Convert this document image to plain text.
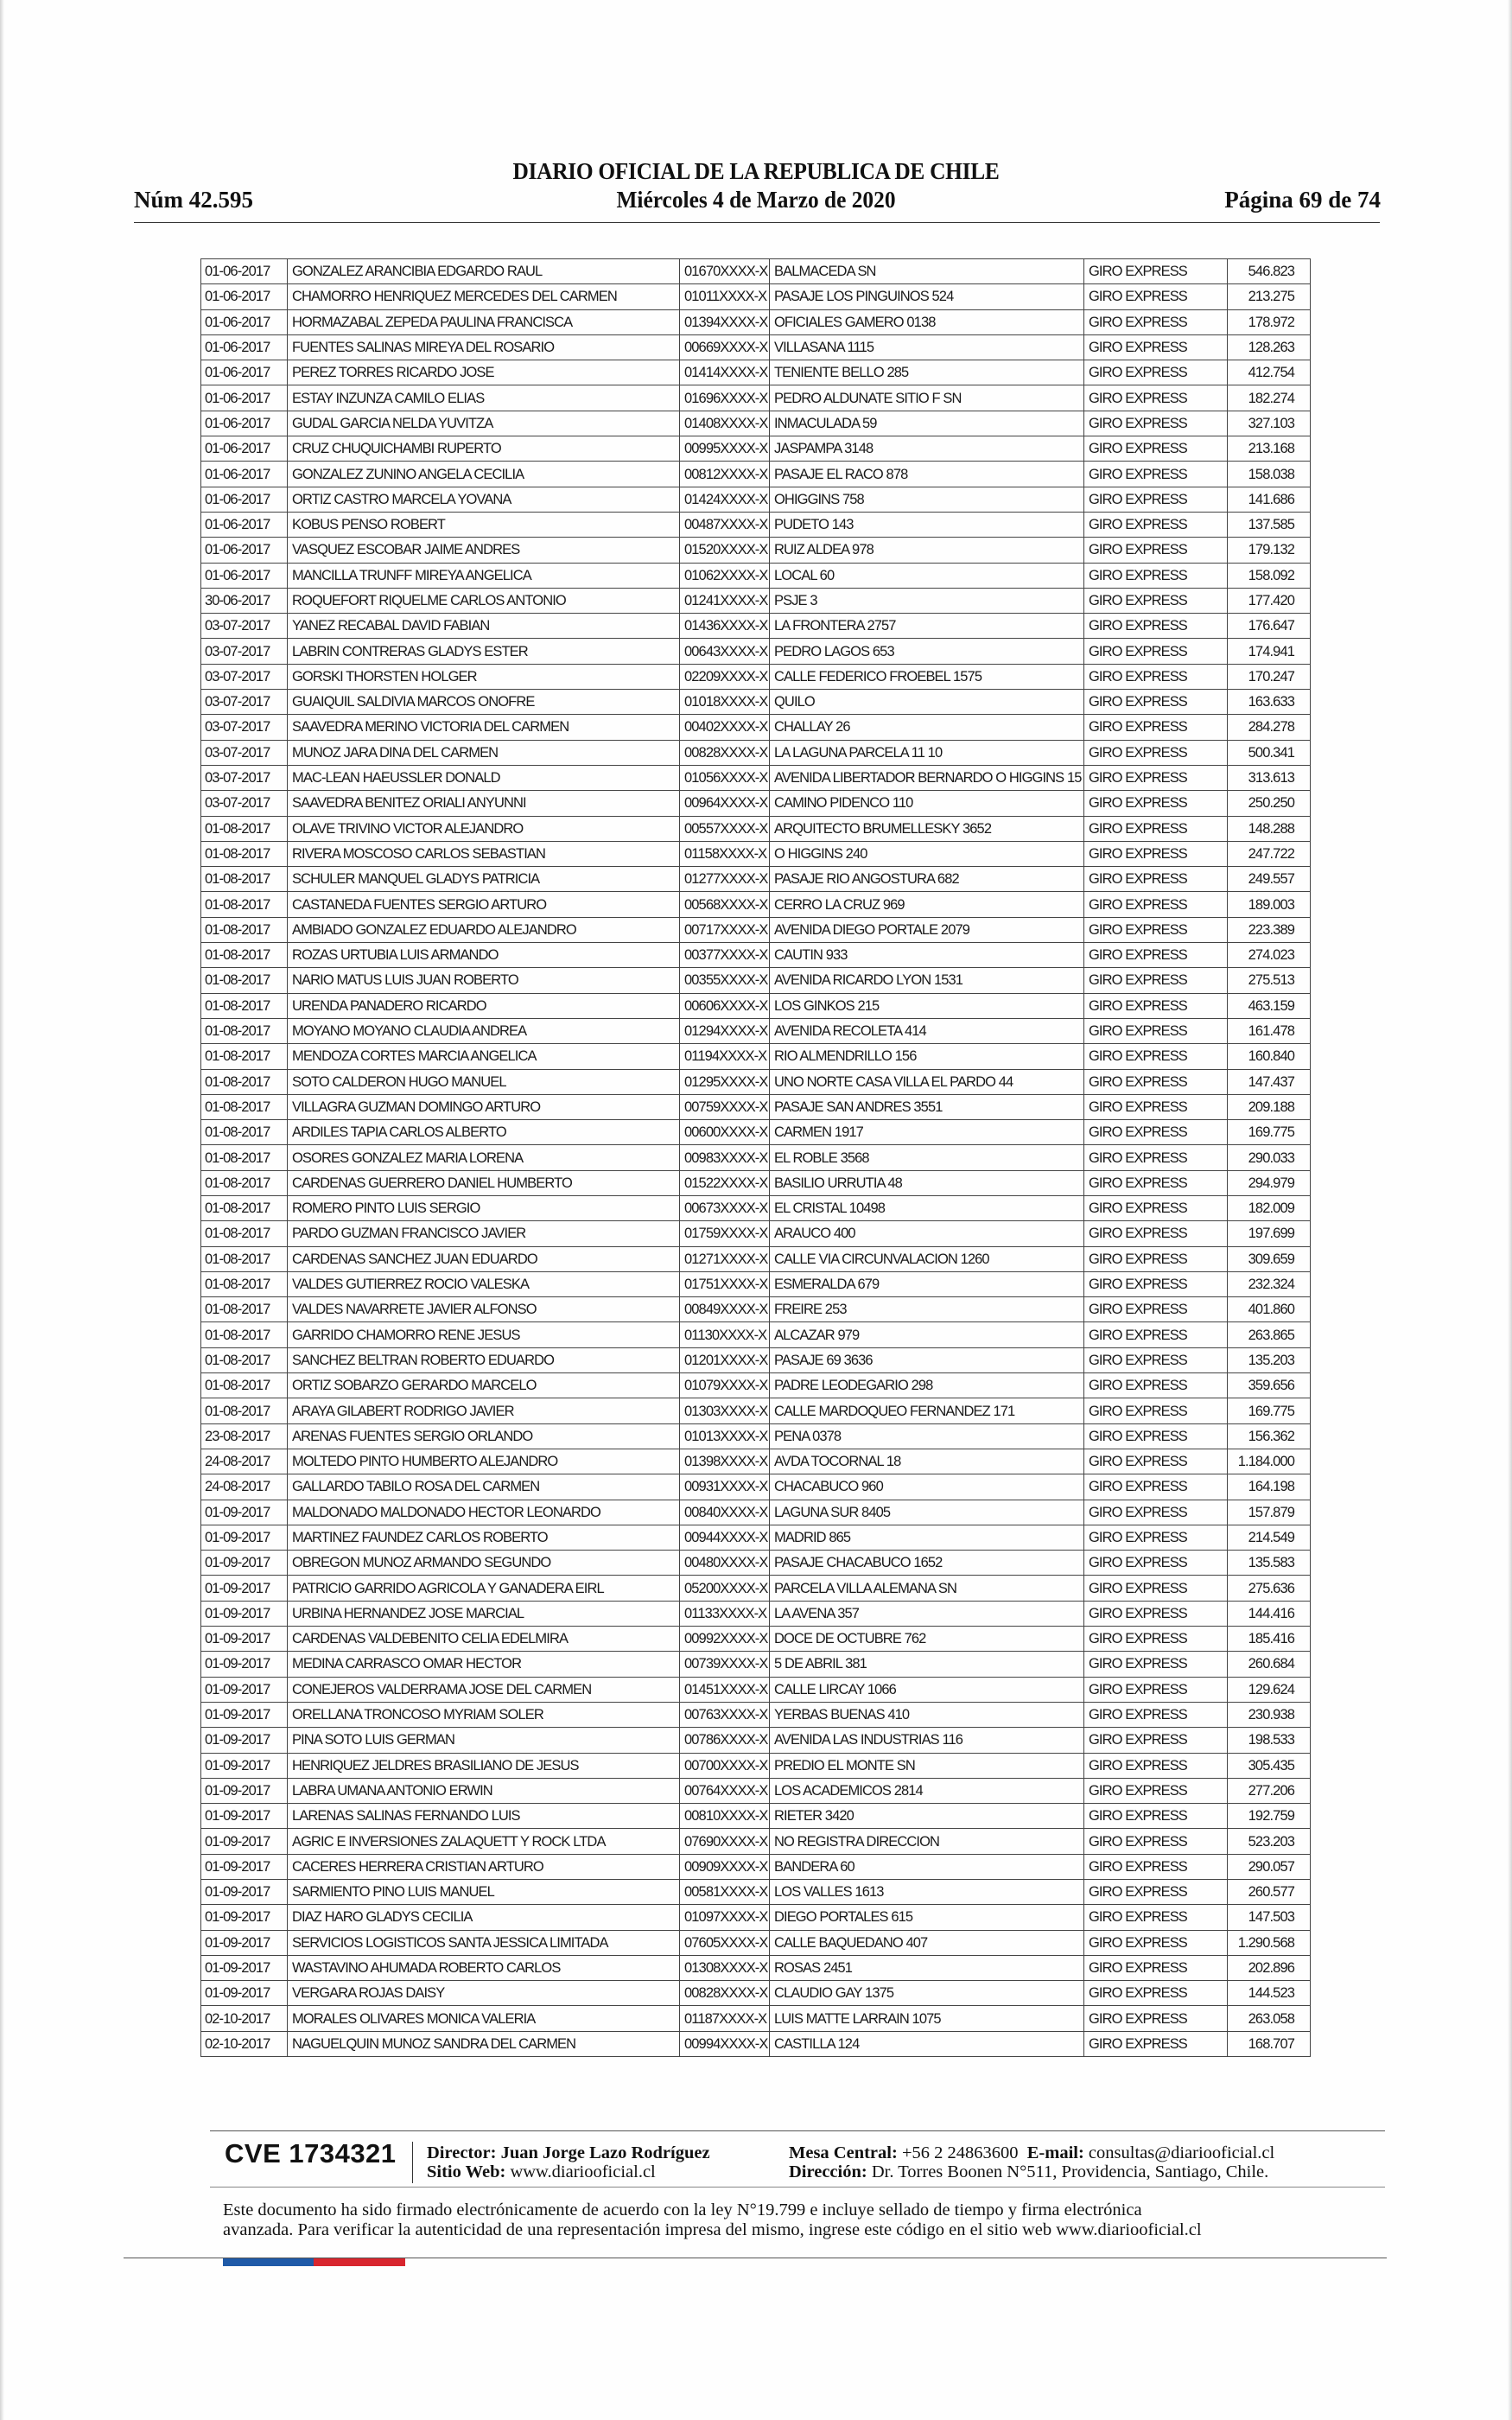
DIARIO OFICIAL DE LA REPUBLICA DE CHILE
Núm 42.595	Miércoles 4 de Marzo de 2020	Página 69 de 74
01-06-2017	GONZALEZ ARANCIBIA EDGARDO RAUL	01670XXXX-X	BALMACEDA SN	GIRO EXPRESS	546.823
01-06-2017	CHAMORRO HENRIQUEZ MERCEDES DEL CARMEN	01011XXXX-X	PASAJE LOS PINGUINOS 524	GIRO EXPRESS	213.275
01-06-2017	HORMAZABAL ZEPEDA PAULINA FRANCISCA	01394XXXX-X	OFICIALES GAMERO 0138	GIRO EXPRESS	178.972
01-06-2017	FUENTES SALINAS MIREYA DEL ROSARIO	00669XXXX-X	VILLASANA 1115	GIRO EXPRESS	128.263
01-06-2017	PEREZ TORRES RICARDO JOSE	01414XXXX-X	TENIENTE BELLO 285	GIRO EXPRESS	412.754
01-06-2017	ESTAY INZUNZA CAMILO ELIAS	01696XXXX-X	PEDRO ALDUNATE SITIO F SN	GIRO EXPRESS	182.274
01-06-2017	GUDAL GARCIA NELDA YUVITZA	01408XXXX-X	INMACULADA 59	GIRO EXPRESS	327.103
01-06-2017	CRUZ CHUQUICHAMBI RUPERTO	00995XXXX-X	JASPAMPA 3148	GIRO EXPRESS	213.168
01-06-2017	GONZALEZ ZUNINO ANGELA CECILIA	00812XXXX-X	PASAJE EL RACO 878	GIRO EXPRESS	158.038
01-06-2017	ORTIZ CASTRO MARCELA YOVANA	01424XXXX-X	OHIGGINS 758	GIRO EXPRESS	141.686
01-06-2017	KOBUS PENSO ROBERT	00487XXXX-X	PUDETO 143	GIRO EXPRESS	137.585
01-06-2017	VASQUEZ ESCOBAR JAIME ANDRES	01520XXXX-X	RUIZ ALDEA 978	GIRO EXPRESS	179.132
01-06-2017	MANCILLA TRUNFF MIREYA ANGELICA	01062XXXX-X	LOCAL 60	GIRO EXPRESS	158.092
30-06-2017	ROQUEFORT RIQUELME CARLOS ANTONIO	01241XXXX-X	PSJE 3	GIRO EXPRESS	177.420
03-07-2017	YANEZ RECABAL DAVID FABIAN	01436XXXX-X	LA FRONTERA 2757	GIRO EXPRESS	176.647
03-07-2017	LABRIN CONTRERAS GLADYS ESTER	00643XXXX-X	PEDRO LAGOS 653	GIRO EXPRESS	174.941
03-07-2017	GORSKI THORSTEN HOLGER	02209XXXX-X	CALLE FEDERICO FROEBEL 1575	GIRO EXPRESS	170.247
03-07-2017	GUAIQUIL SALDIVIA MARCOS ONOFRE	01018XXXX-X	QUILO	GIRO EXPRESS	163.633
03-07-2017	SAAVEDRA MERINO VICTORIA DEL CARMEN	00402XXXX-X	CHALLAY 26	GIRO EXPRESS	284.278
03-07-2017	MUNOZ JARA DINA DEL CARMEN	00828XXXX-X	LA LAGUNA PARCELA 11 10	GIRO EXPRESS	500.341
03-07-2017	MAC-LEAN HAEUSSLER DONALD	01056XXXX-X	AVENIDA LIBERTADOR BERNARDO O HIGGINS 15	GIRO EXPRESS	313.613
03-07-2017	SAAVEDRA BENITEZ ORIALI ANYUNNI	00964XXXX-X	CAMINO PIDENCO 110	GIRO EXPRESS	250.250
01-08-2017	OLAVE TRIVINO VICTOR ALEJANDRO	00557XXXX-X	ARQUITECTO BRUMELLESKY 3652	GIRO EXPRESS	148.288
01-08-2017	RIVERA MOSCOSO CARLOS SEBASTIAN	01158XXXX-X	O HIGGINS 240	GIRO EXPRESS	247.722
01-08-2017	SCHULER MANQUEL GLADYS PATRICIA	01277XXXX-X	PASAJE RIO ANGOSTURA 682	GIRO EXPRESS	249.557
01-08-2017	CASTANEDA FUENTES SERGIO ARTURO	00568XXXX-X	CERRO LA CRUZ 969	GIRO EXPRESS	189.003
01-08-2017	AMBIADO GONZALEZ EDUARDO ALEJANDRO	00717XXXX-X	AVENIDA DIEGO PORTALE 2079	GIRO EXPRESS	223.389
01-08-2017	ROZAS URTUBIA LUIS ARMANDO	00377XXXX-X	CAUTIN 933	GIRO EXPRESS	274.023
01-08-2017	NARIO MATUS LUIS JUAN ROBERTO	00355XXXX-X	AVENIDA RICARDO LYON 1531	GIRO EXPRESS	275.513
01-08-2017	URENDA PANADERO RICARDO	00606XXXX-X	LOS GINKOS 215	GIRO EXPRESS	463.159
01-08-2017	MOYANO MOYANO CLAUDIA ANDREA	01294XXXX-X	AVENIDA RECOLETA 414	GIRO EXPRESS	161.478
01-08-2017	MENDOZA CORTES MARCIA ANGELICA	01194XXXX-X	RIO ALMENDRILLO 156	GIRO EXPRESS	160.840
01-08-2017	SOTO CALDERON HUGO MANUEL	01295XXXX-X	UNO NORTE CASA VILLA EL PARDO 44	GIRO EXPRESS	147.437
01-08-2017	VILLAGRA GUZMAN DOMINGO ARTURO	00759XXXX-X	PASAJE SAN ANDRES 3551	GIRO EXPRESS	209.188
01-08-2017	ARDILES TAPIA CARLOS ALBERTO	00600XXXX-X	CARMEN 1917	GIRO EXPRESS	169.775
01-08-2017	OSORES GONZALEZ MARIA LORENA	00983XXXX-X	EL ROBLE 3568	GIRO EXPRESS	290.033
01-08-2017	CARDENAS GUERRERO DANIEL HUMBERTO	01522XXXX-X	BASILIO URRUTIA 48	GIRO EXPRESS	294.979
01-08-2017	ROMERO PINTO LUIS SERGIO	00673XXXX-X	EL CRISTAL 10498	GIRO EXPRESS	182.009
01-08-2017	PARDO GUZMAN FRANCISCO JAVIER	01759XXXX-X	ARAUCO 400	GIRO EXPRESS	197.699
01-08-2017	CARDENAS SANCHEZ JUAN EDUARDO	01271XXXX-X	CALLE VIA CIRCUNVALACION 1260	GIRO EXPRESS	309.659
01-08-2017	VALDES GUTIERREZ ROCIO VALESKA	01751XXXX-X	ESMERALDA 679	GIRO EXPRESS	232.324
01-08-2017	VALDES NAVARRETE JAVIER ALFONSO	00849XXXX-X	FREIRE 253	GIRO EXPRESS	401.860
01-08-2017	GARRIDO CHAMORRO RENE JESUS	01130XXXX-X	ALCAZAR 979	GIRO EXPRESS	263.865
01-08-2017	SANCHEZ BELTRAN ROBERTO EDUARDO	01201XXXX-X	PASAJE 69 3636	GIRO EXPRESS	135.203
01-08-2017	ORTIZ SOBARZO GERARDO MARCELO	01079XXXX-X	PADRE LEODEGARIO 298	GIRO EXPRESS	359.656
01-08-2017	ARAYA GILABERT RODRIGO JAVIER	01303XXXX-X	CALLE MARDOQUEO FERNANDEZ 171	GIRO EXPRESS	169.775
23-08-2017	ARENAS FUENTES SERGIO ORLANDO	01013XXXX-X	PENA 0378	GIRO EXPRESS	156.362
24-08-2017	MOLTEDO PINTO HUMBERTO ALEJANDRO	01398XXXX-X	AVDA TOCORNAL 18	GIRO EXPRESS	1.184.000
24-08-2017	GALLARDO TABILO ROSA DEL CARMEN	00931XXXX-X	CHACABUCO 960	GIRO EXPRESS	164.198
01-09-2017	MALDONADO MALDONADO HECTOR LEONARDO	00840XXXX-X	LAGUNA SUR 8405	GIRO EXPRESS	157.879
01-09-2017	MARTINEZ FAUNDEZ CARLOS ROBERTO	00944XXXX-X	MADRID 865	GIRO EXPRESS	214.549
01-09-2017	OBREGON MUNOZ ARMANDO SEGUNDO	00480XXXX-X	PASAJE CHACABUCO 1652	GIRO EXPRESS	135.583
01-09-2017	PATRICIO GARRIDO AGRICOLA Y GANADERA EIRL	05200XXXX-X	PARCELA VILLA ALEMANA SN	GIRO EXPRESS	275.636
01-09-2017	URBINA HERNANDEZ JOSE MARCIAL	01133XXXX-X	LA AVENA 357	GIRO EXPRESS	144.416
01-09-2017	CARDENAS VALDEBENITO CELIA EDELMIRA	00992XXXX-X	DOCE DE OCTUBRE 762	GIRO EXPRESS	185.416
01-09-2017	MEDINA CARRASCO OMAR HECTOR	00739XXXX-X	5 DE ABRIL 381	GIRO EXPRESS	260.684
01-09-2017	CONEJEROS VALDERRAMA JOSE DEL CARMEN	01451XXXX-X	CALLE LIRCAY 1066	GIRO EXPRESS	129.624
01-09-2017	ORELLANA TRONCOSO MYRIAM SOLER	00763XXXX-X	YERBAS BUENAS 410	GIRO EXPRESS	230.938
01-09-2017	PINA SOTO LUIS GERMAN	00786XXXX-X	AVENIDA LAS INDUSTRIAS 116	GIRO EXPRESS	198.533
01-09-2017	HENRIQUEZ JELDRES BRASILIANO DE JESUS	00700XXXX-X	PREDIO EL MONTE SN	GIRO EXPRESS	305.435
01-09-2017	LABRA UMANA ANTONIO ERWIN	00764XXXX-X	LOS ACADEMICOS 2814	GIRO EXPRESS	277.206
01-09-2017	LARENAS SALINAS FERNANDO LUIS	00810XXXX-X	RIETER 3420	GIRO EXPRESS	192.759
01-09-2017	AGRIC E INVERSIONES ZALAQUETT Y ROCK LTDA	07690XXXX-X	NO REGISTRA DIRECCION	GIRO EXPRESS	523.203
01-09-2017	CACERES HERRERA CRISTIAN ARTURO	00909XXXX-X	BANDERA 60	GIRO EXPRESS	290.057
01-09-2017	SARMIENTO PINO LUIS MANUEL	00581XXXX-X	LOS VALLES 1613	GIRO EXPRESS	260.577
01-09-2017	DIAZ HARO GLADYS CECILIA	01097XXXX-X	DIEGO PORTALES 615	GIRO EXPRESS	147.503
01-09-2017	SERVICIOS LOGISTICOS SANTA JESSICA LIMITADA	07605XXXX-X	CALLE BAQUEDANO 407	GIRO EXPRESS	1.290.568
01-09-2017	WASTAVINO AHUMADA ROBERTO CARLOS	01308XXXX-X	ROSAS 2451	GIRO EXPRESS	202.896
01-09-2017	VERGARA ROJAS DAISY	00828XXXX-X	CLAUDIO GAY 1375	GIRO EXPRESS	144.523
02-10-2017	MORALES OLIVARES MONICA VALERIA	01187XXXX-X	LUIS MATTE LARRAIN 1075	GIRO EXPRESS	263.058
02-10-2017	NAGUELQUIN MUNOZ SANDRA DEL CARMEN	00994XXXX-X	CASTILLA 124	GIRO EXPRESS	168.707
CVE 1734321 Director: Juan Jorge Lazo Rodríguez
Sitio Web: www.diariooficial.cl
Mesa Central: +56 2 24863600 E-mail: consultas@diariooficial.cl
Dirección: Dr. Torres Boonen N°511, Providencia, Santiago, Chile.
Este documento ha sido firmado electrónicamente de acuerdo con la ley N°19.799 e incluye sellado de tiempo y firma electrónica
avanzada. Para verificar la autenticidad de una representación impresa del mismo, ingrese este código en el sitio web www.diariooficial.cl
